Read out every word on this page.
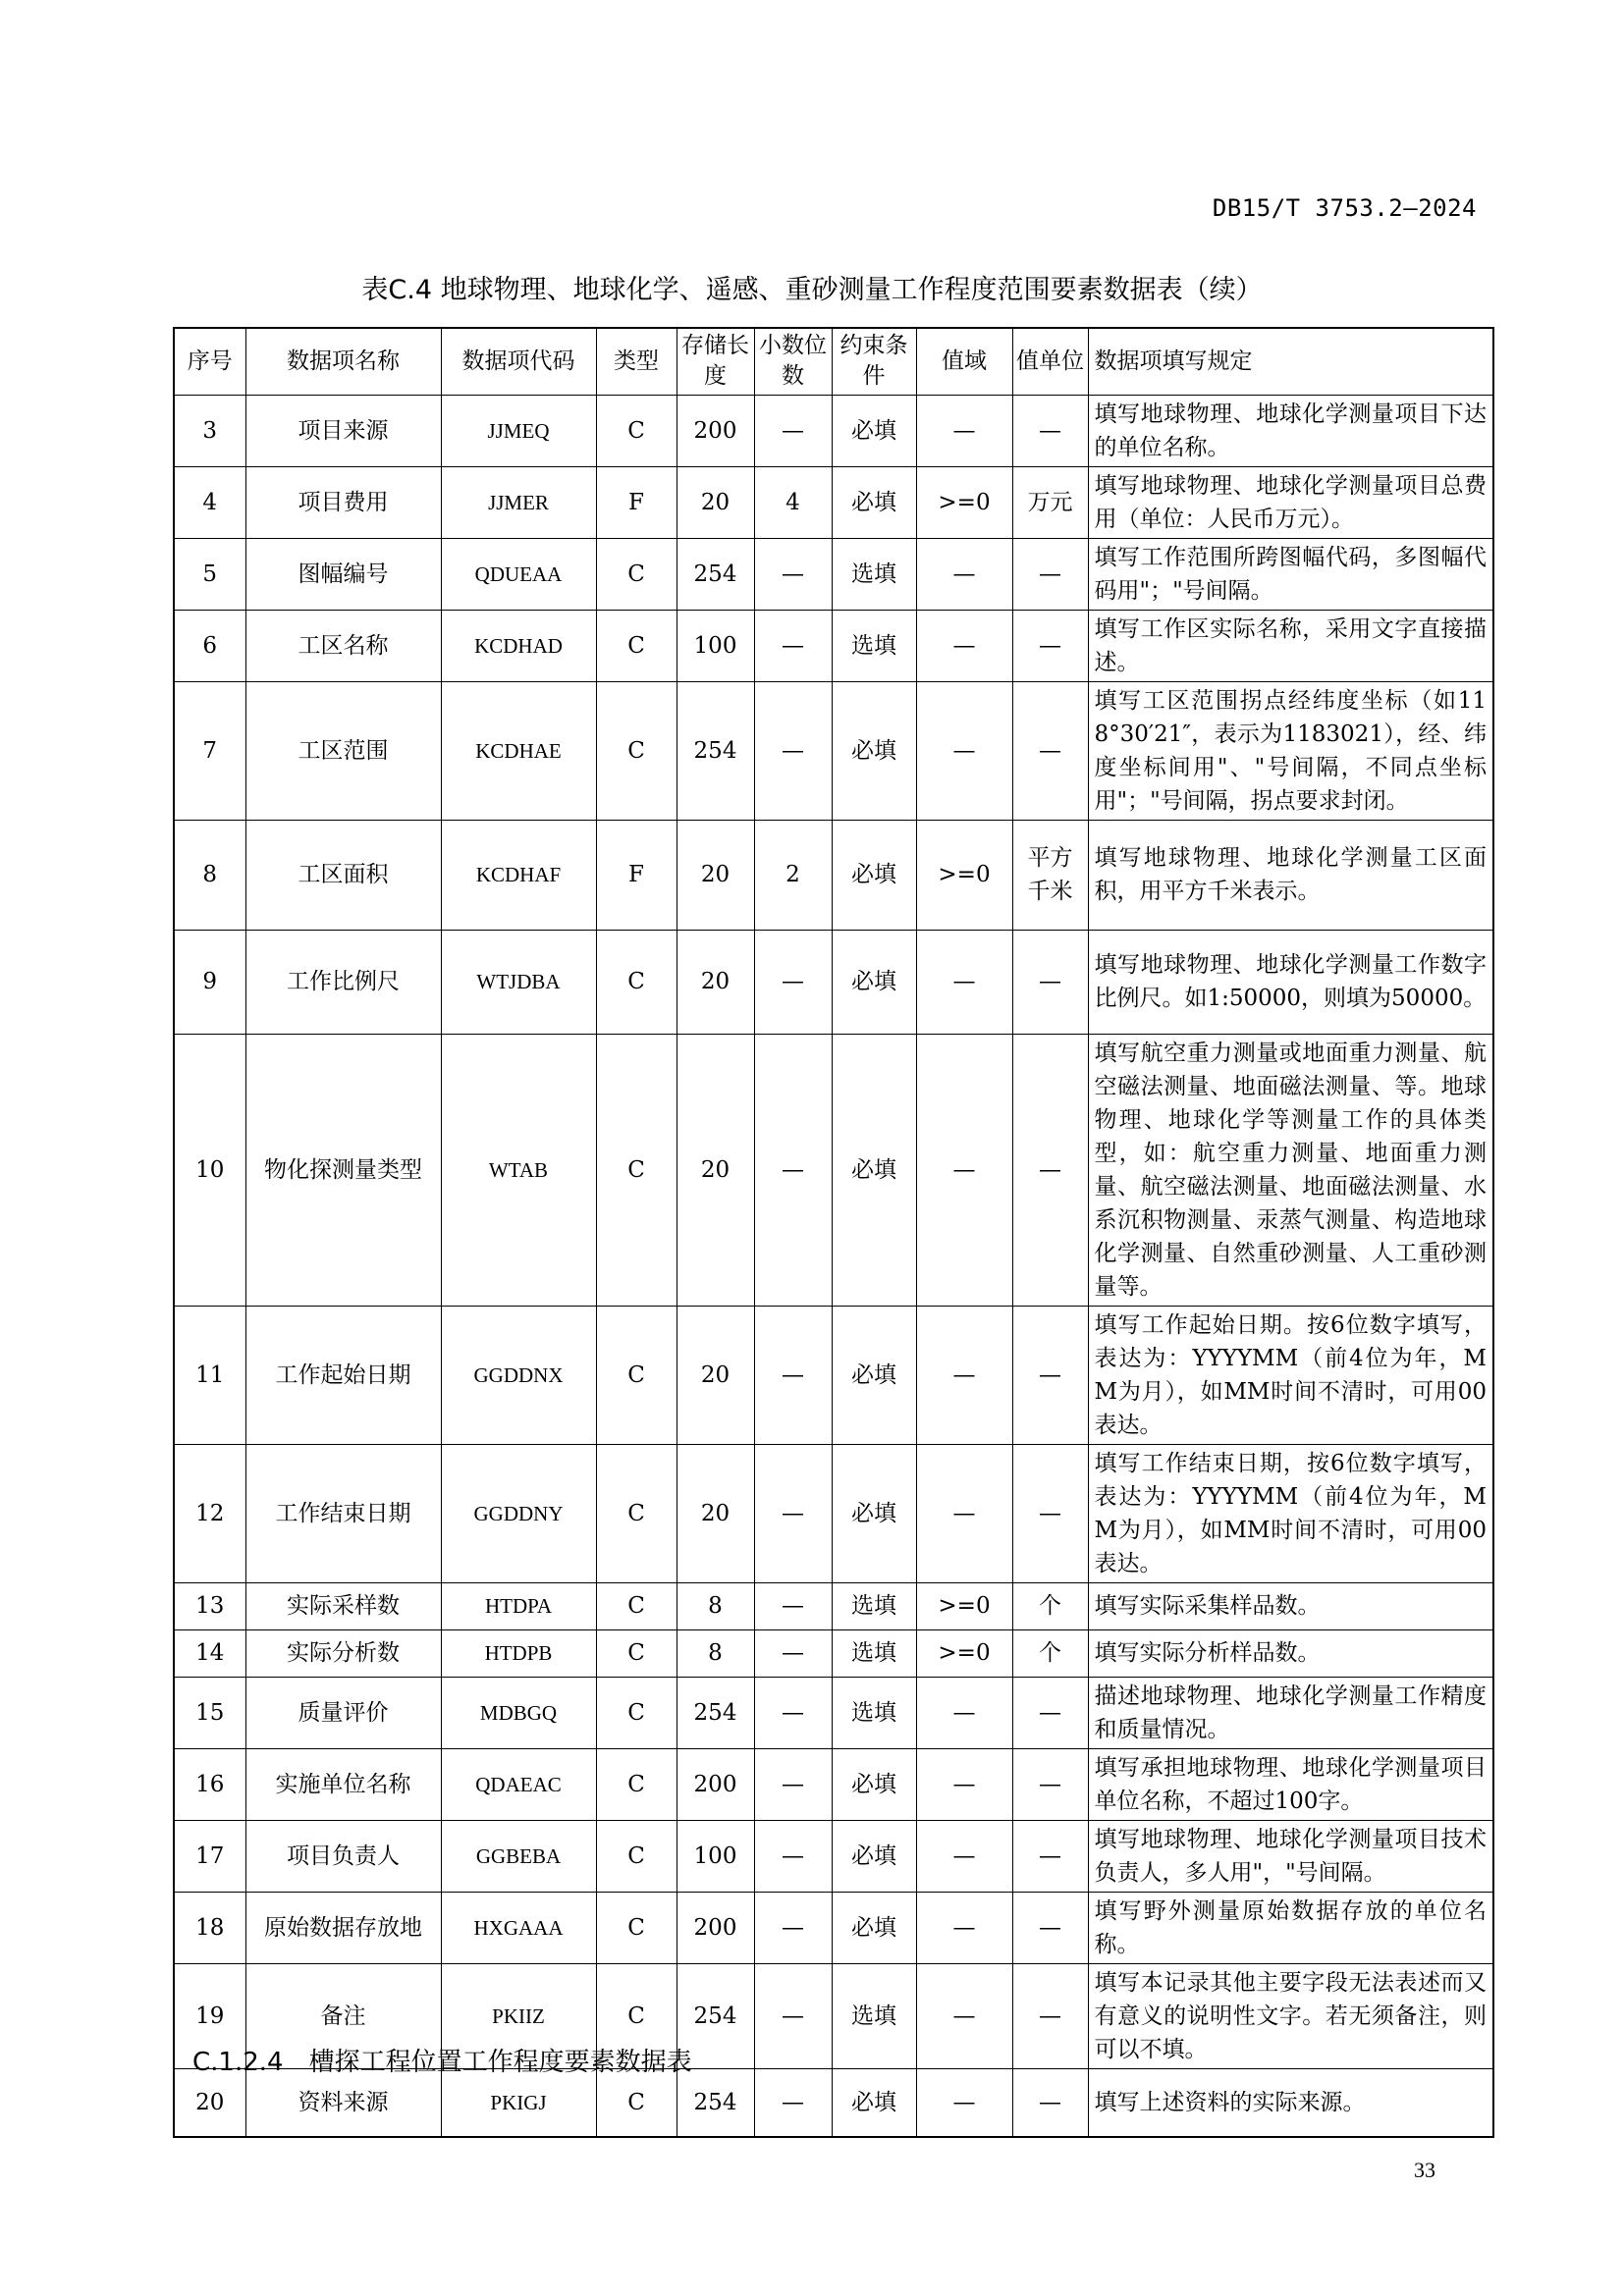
DB15/T 3753.2—2024
表C.4 地球物理、地球化学、遥感、重砂测量工作程度范围要素数据表（续）
序号	数据项名称	数据项代码	类型	存储长度	小数位数	约束条件	值域	值单位	数据项填写规定
3	项目来源	JJMEQ	C	200	—	必填	—	—	填写地球物理、地球化学测量项目下达的单位名称。
4	项目费用	JJMER	F	20	4	必填	>=0	万元	填写地球物理、地球化学测量项目总费用（单位：人民币万元）。
5	图幅编号	QDUEAA	C	254	—	选填	—	—	填写工作范围所跨图幅代码，多图幅代码用"；"号间隔。
6	工区名称	KCDHAD	C	100	—	选填	—	—	填写工作区实际名称，采用文字直接描述。
7	工区范围	KCDHAE	C	254	—	必填	—	—	填写工区范围拐点经纬度坐标（如118°30′21″，表示为1183021），经、纬度坐标间用"、"号间隔，不同点坐标用"；"号间隔，拐点要求封闭。
8	工区面积	KCDHAF	F	20	2	必填	>=0	平方千米	填写地球物理、地球化学测量工区面积，用平方千米表示。
9	工作比例尺	WTJDBA	C	20	—	必填	—	—	填写地球物理、地球化学测量工作数字比例尺。如1:50000，则填为50000。
10	物化探测量类型	WTAB	C	20	—	必填	—	—	填写航空重力测量或地面重力测量、航空磁法测量、地面磁法测量、等。地球物理、地球化学等测量工作的具体类型，如：航空重力测量、地面重力测量、航空磁法测量、地面磁法测量、水系沉积物测量、汞蒸气测量、构造地球化学测量、自然重砂测量、人工重砂测量等。
11	工作起始日期	GGDDNX	C	20	—	必填	—	—	填写工作起始日期。按6位数字填写，表达为：YYYYMM（前4位为年，MM为月），如MM时间不清时，可用00表达。
12	工作结束日期	GGDDNY	C	20	—	必填	—	—	填写工作结束日期，按6位数字填写，表达为：YYYYMM（前4位为年，MM为月），如MM时间不清时，可用00表达。
13	实际采样数	HTDPA	C	8	—	选填	>=0	个	填写实际采集样品数。
14	实际分析数	HTDPB	C	8	—	选填	>=0	个	填写实际分析样品数。
15	质量评价	MDBGQ	C	254	—	选填	—	—	描述地球物理、地球化学测量工作精度和质量情况。
16	实施单位名称	QDAEAC	C	200	—	必填	—	—	填写承担地球物理、地球化学测量项目单位名称，不超过100字。
17	项目负责人	GGBEBA	C	100	—	必填	—	—	填写地球物理、地球化学测量项目技术负责人，多人用"，"号间隔。
18	原始数据存放地	HXGAAA	C	200	—	必填	—	—	填写野外测量原始数据存放的单位名称。
19	备注	PKIIZ	C	254	—	选填	—	—	填写本记录其他主要字段无法表述而又有意义的说明性文字。若无须备注，则可以不填。
20	资料来源	PKIGJ	C	254	—	必填	—	—	填写上述资料的实际来源。
C.1.2.4　槽探工程位置工作程度要素数据表
33
